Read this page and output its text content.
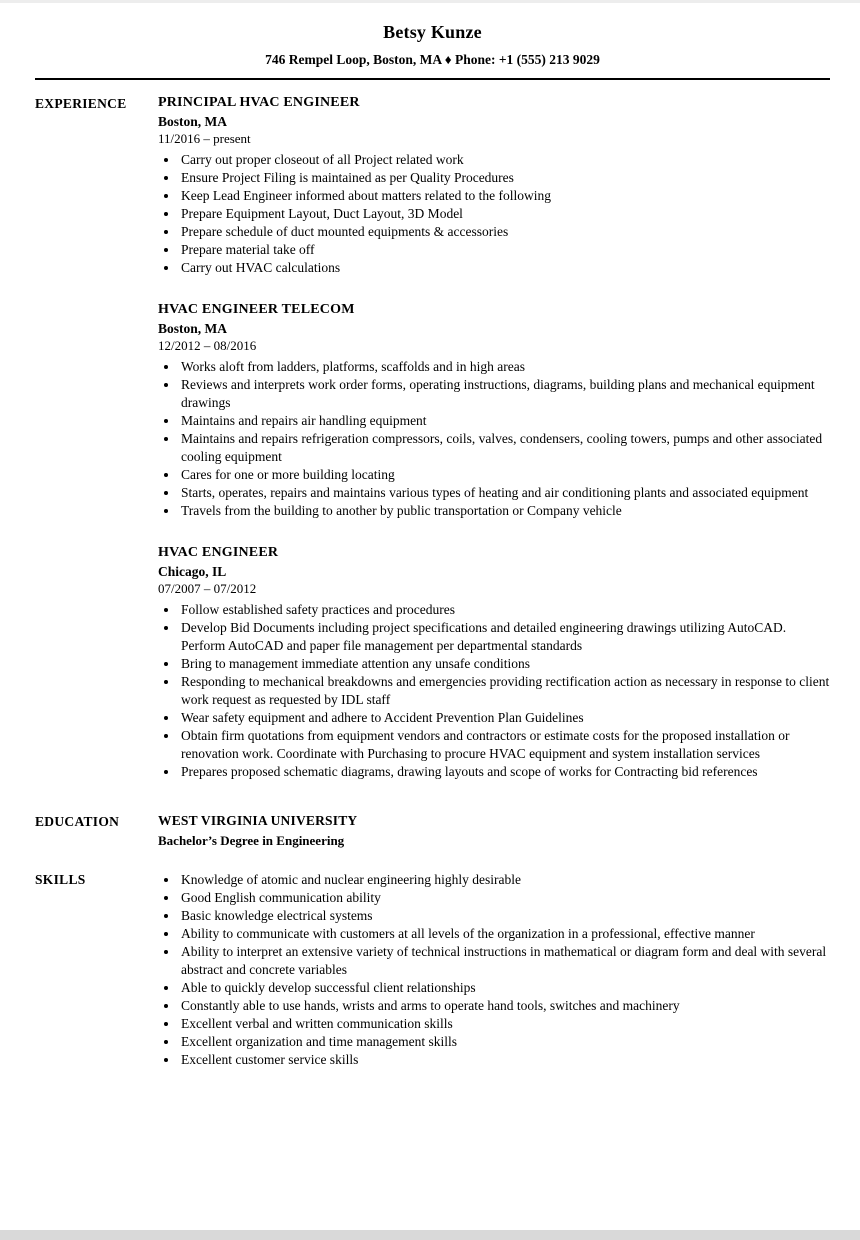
Betsy Kunze
746 Rempel Loop, Boston, MA ♦ Phone: +1 (555) 213 9029
EXPERIENCE	PRINCIPAL HVAC ENGINEER
Boston, MA
11/2016 – present
• Carry out proper closeout of all Project related work
• Ensure Project Filing is maintained as per Quality Procedures
• Keep Lead Engineer informed about matters related to the following
• Prepare Equipment Layout, Duct Layout, 3D Model
• Prepare schedule of duct mounted equipments & accessories
• Prepare material take off
• Carry out HVAC calculations
HVAC ENGINEER TELECOM
Boston, MA
12/2012 – 08/2016
• Works aloft from ladders, platforms, scaffolds and in high areas
• Reviews and interprets work order forms, operating instructions, diagrams, building plans and mechanical equipment drawings
• Maintains and repairs air handling equipment
• Maintains and repairs refrigeration compressors, coils, valves, condensers, cooling towers, pumps and other associated cooling equipment
• Cares for one or more building locating
• Starts, operates, repairs and maintains various types of heating and air conditioning plants and associated equipment
• Travels from the building to another by public transportation or Company vehicle
HVAC ENGINEER
Chicago, IL
07/2007 – 07/2012
• Follow established safety practices and procedures
• Develop Bid Documents including project specifications and detailed engineering drawings utilizing AutoCAD. Perform AutoCAD and paper file management per departmental standards
• Bring to management immediate attention any unsafe conditions
• Responding to mechanical breakdowns and emergencies providing rectification action as necessary in response to client work request as requested by IDL staff
• Wear safety equipment and adhere to Accident Prevention Plan Guidelines
• Obtain firm quotations from equipment vendors and contractors or estimate costs for the proposed installation or renovation work. Coordinate with Purchasing to procure HVAC equipment and system installation services
• Prepares proposed schematic diagrams, drawing layouts and scope of works for Contracting bid references
EDUCATION	WEST VIRGINIA UNIVERSITY
Bachelor’s Degree in Engineering
SKILLS	• Knowledge of atomic and nuclear engineering highly desirable
• Good English communication ability
• Basic knowledge electrical systems
• Ability to communicate with customers at all levels of the organization in a professional, effective manner
• Ability to interpret an extensive variety of technical instructions in mathematical or diagram form and deal with several abstract and concrete variables
• Able to quickly develop successful client relationships
• Constantly able to use hands, wrists and arms to operate hand tools, switches and machinery
• Excellent verbal and written communication skills
• Excellent organization and time management skills
• Excellent customer service skills
